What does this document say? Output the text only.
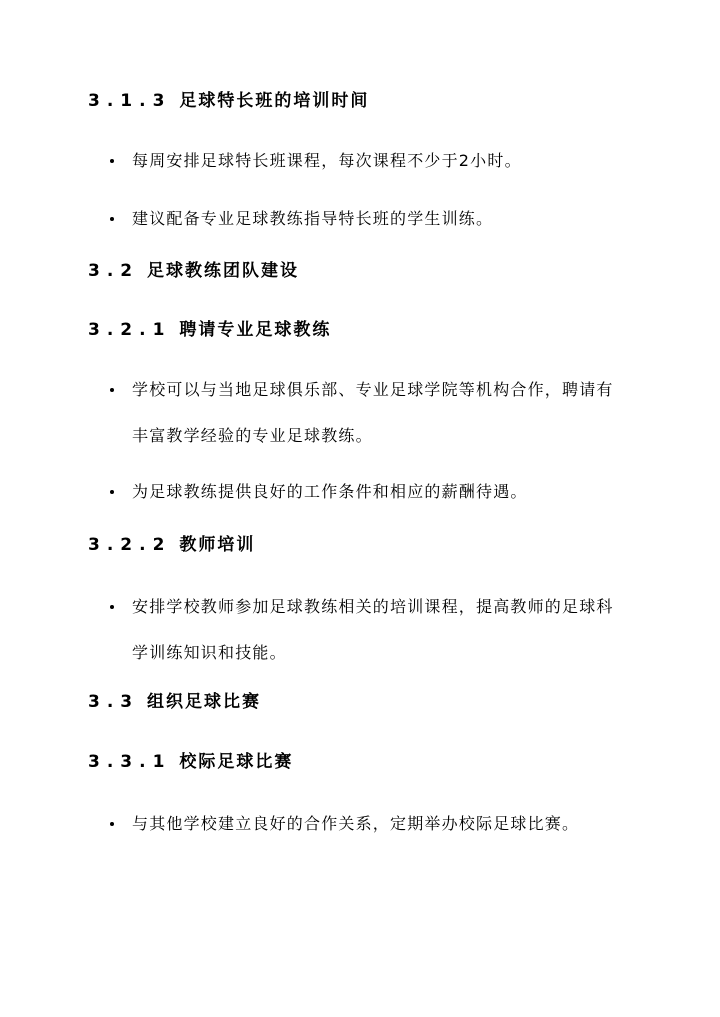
3.1.3 足球特长班的培训时间
每周安排足球特长班课程，每次课程不少于2小时。
建议配备专业足球教练指导特长班的学生训练。
3.2 足球教练团队建设
3.2.1 聘请专业足球教练
学校可以与当地足球俱乐部、专业足球学院等机构合作，聘请有丰富教学经验的专业足球教练。
为足球教练提供良好的工作条件和相应的薪酬待遇。
3.2.2 教师培训
安排学校教师参加足球教练相关的培训课程，提高教师的足球科学训练知识和技能。
3.3 组织足球比赛
3.3.1 校际足球比赛
与其他学校建立良好的合作关系，定期举办校际足球比赛。
